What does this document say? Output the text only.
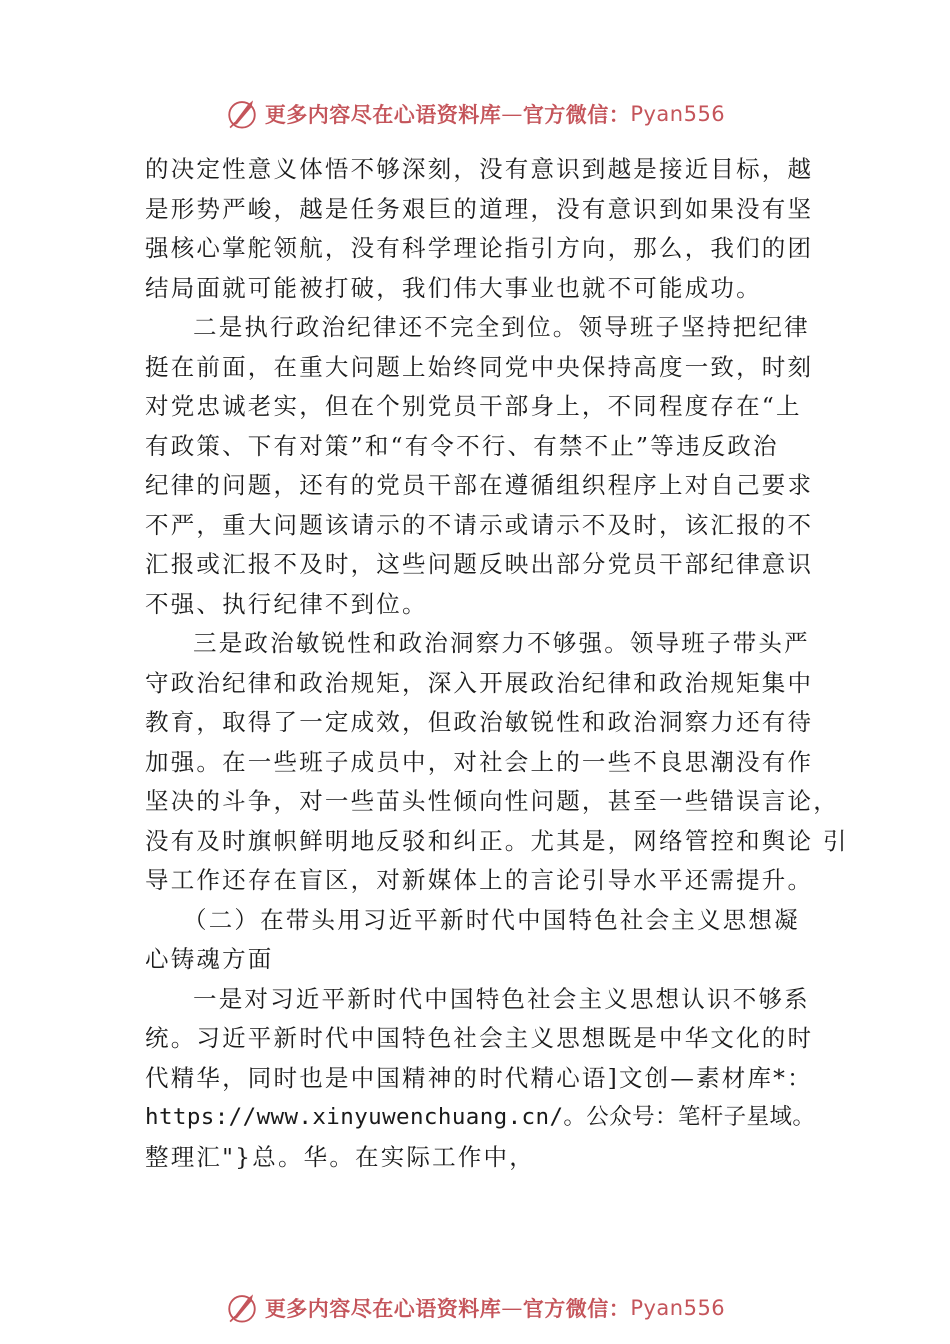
更多内容尽在心语资料库 — 官方微信： Pyan556
的决定性意义体悟不够深刻，没有意识到越是接近目标，越
是形势严峻，越是任务艰巨的道理，没有意识到如果没有坚
强核心掌舵领航，没有科学理论指引方向，那么，我们的团
结局面就可能被打破，我们伟大事业也就不可能成功。
二是执行政治纪律还不完全到位。领导班子坚持把纪律
挺在前面，在重大问题上始终同党中央保持高度一致，时刻
对党忠诚老实，但在个别党员干部身上，不同程度存在“上
有政策、下有对策”和“有令不行、有禁不止”等违反政治
纪律的问题，还有的党员干部在遵循组织程序上对自己要求
不严，重大问题该请示的不请示或请示不及时，该汇报的不
汇报或汇报不及时，这些问题反映出部分党员干部纪律意识
不强、执行纪律不到位。
三是政治敏锐性和政治洞察力不够强。领导班子带头严
守政治纪律和政治规矩，深入开展政治纪律和政治规矩集中
教育，取得了一定成效，但政治敏锐性和政治洞察力还有待
加强。在一些班子成员中，对社会上的一些不良思潮没有作
坚决的斗争，对一些苗头性倾向性问题，甚至一些错误言论，
没有及时旗帜鲜明地反驳和纠正。尤其是，网络管控和舆论 引
导工作还存在盲区，对新媒体上的言论引导水平还需提升。
（二）在带头用习近平新时代中国特色社会主义思想凝
心铸魂方面
一是对习近平新时代中国特色社会主义思想认识不够系
统。习近平新时代中国特色社会主义思想既是中华文化的时
代精华，同时也是中国精神的时代精心语]文创—素材库*：
https://www.xinyuwenchuang.cn/。公众号：笔杆子星域。
整理汇"}总。华。在实际工作中，
更多内容尽在心语资料库 — 官方微信： Pyan556
